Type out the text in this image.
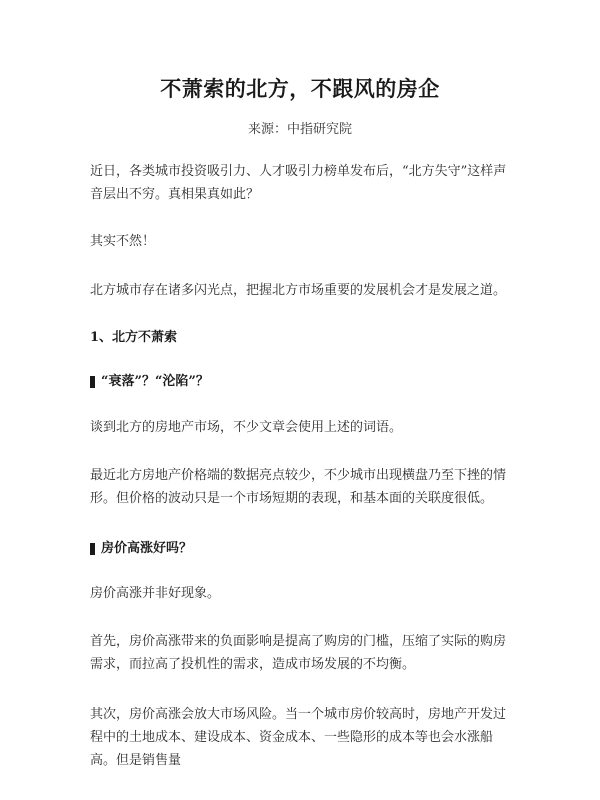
不萧索的北方，不跟风的房企
来源：中指研究院

近日，各类城市投资吸引力、人才吸引力榜单发布后，“北方失守”这样声音层出不穷。真相果真如此？

其实不然！

北方城市存在诸多闪光点，把握北方市场重要的发展机会才是发展之道。

1、北方不萧索

“衰落”？“沦陷”？

谈到北方的房地产市场，不少文章会使用上述的词语。

最近北方房地产价格端的数据亮点较少，不少城市出现横盘乃至下挫的情形。但价格的波动只是一个市场短期的表现，和基本面的关联度很低。

房价高涨好吗？

房价高涨并非好现象。

首先，房价高涨带来的负面影响是提高了购房的门槛，压缩了实际的购房需求，而拉高了投机性的需求，造成市场发展的不均衡。

其次，房价高涨会放大市场风险。当一个城市房价较高时，房地产开发过程中的土地成本、建设成本、资金成本、一些隐形的成本等也会水涨船高。但是销售量
